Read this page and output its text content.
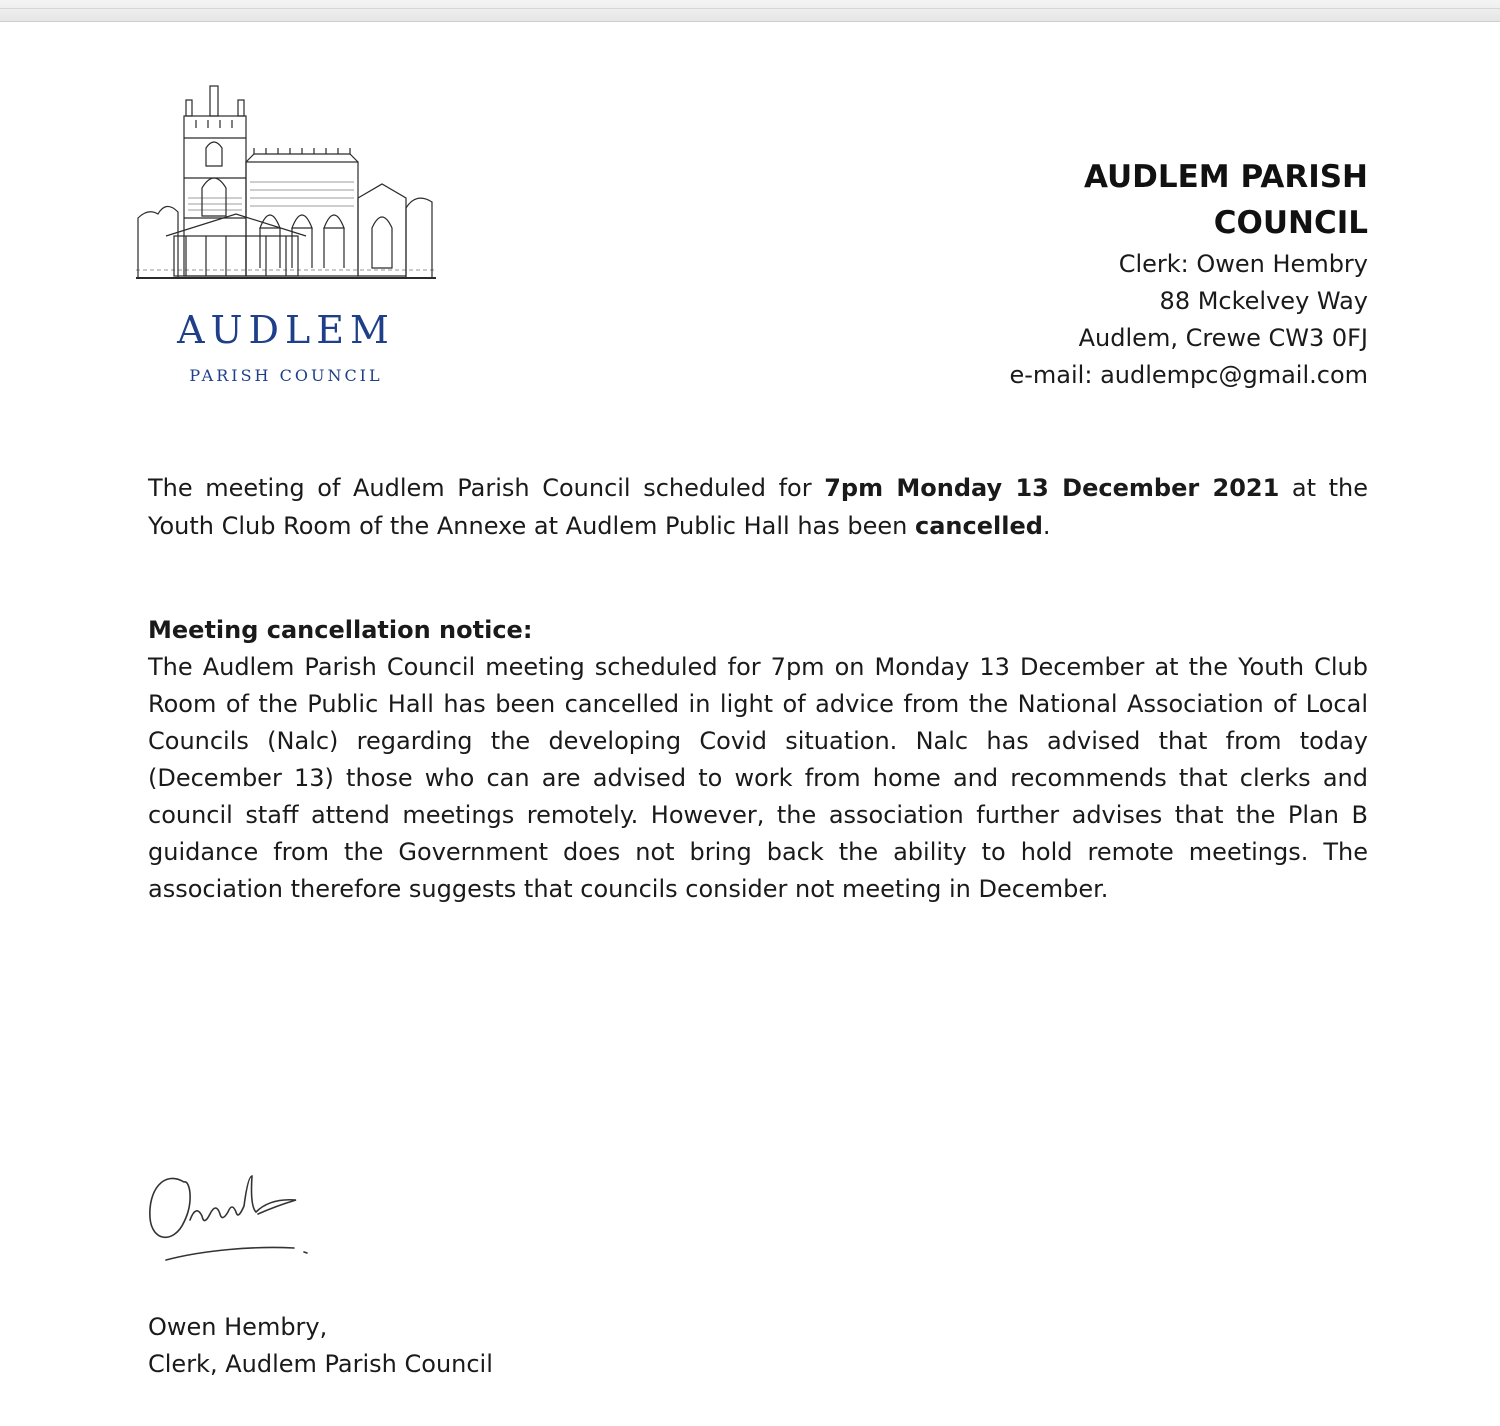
AUDLEM
PARISH COUNCIL
AUDLEM PARISH
COUNCIL
Clerk: Owen Hembry
88 Mckelvey Way
Audlem, Crewe CW3 0FJ
e-mail: audlempc@gmail.com
The meeting of Audlem Parish Council scheduled for 7pm Monday 13 December 2021 at the Youth Club Room of the Annexe at Audlem Public Hall has been cancelled.
Meeting cancellation notice:
The Audlem Parish Council meeting scheduled for 7pm on Monday 13 December at the Youth Club Room of the Public Hall has been cancelled in light of advice from the National Association of Local Councils (Nalc) regarding the developing Covid situation. Nalc has advised that from today (December 13) those who can are advised to work from home and recommends that clerks and council staff attend meetings remotely. However, the association further advises that the Plan B guidance from the Government does not bring back the ability to hold remote meetings. The association therefore suggests that councils consider not meeting in December.
Owen Hembry,
Clerk, Audlem Parish Council
